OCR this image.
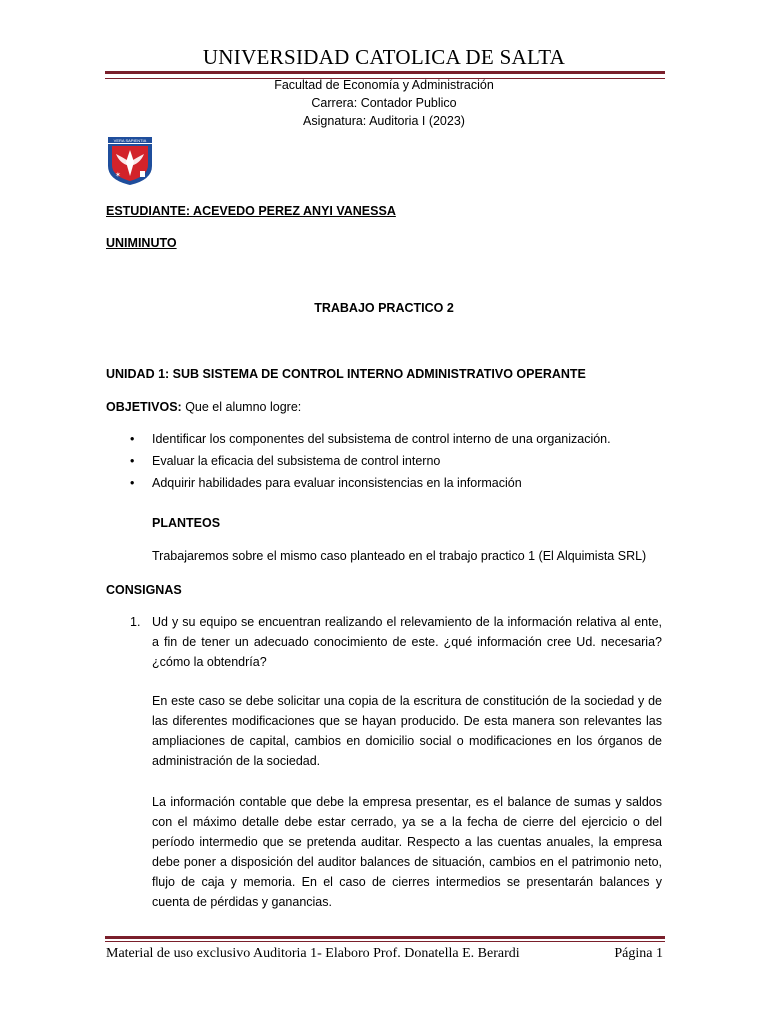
UNIVERSIDAD CATOLICA DE SALTA
Facultad de Economía y Administración
Carrera: Contador Publico
Asignatura: Auditoria I (2023)
VERA SAPIENTIA
✶
ESTUDIANTE: ACEVEDO PEREZ ANYI VANESSA
UNIMINUTO
TRABAJO PRACTICO 2
UNIDAD 1: SUB SISTEMA DE CONTROL INTERNO ADMINISTRATIVO OPERANTE
OBJETIVOS: Que el alumno logre:
• Identificar los componentes del subsistema de control interno de una organización.
• Evaluar la eficacia del subsistema de control interno
• Adquirir habilidades para evaluar inconsistencias en la información
PLANTEOS
Trabajaremos sobre el mismo caso planteado en el trabajo practico 1 (El Alquimista SRL)
CONSIGNAS
1. Ud y su equipo se encuentran realizando el relevamiento de la información relativa al ente, a fin de tener un adecuado conocimiento de este. ¿qué información cree Ud. necesaria? ¿cómo la obtendría?
En este caso se debe solicitar una copia de la escritura de constitución de la sociedad y de las diferentes modificaciones que se hayan producido. De esta manera son relevantes las ampliaciones de capital, cambios en domicilio social o modificaciones en los órganos de administración de la sociedad.
La información contable que debe la empresa presentar, es el balance de sumas y saldos con el máximo detalle debe estar cerrado, ya se a la fecha de cierre del ejercicio o del período intermedio que se pretenda auditar. Respecto a las cuentas anuales, la empresa debe poner a disposición del auditor balances de situación, cambios en el patrimonio neto, flujo de caja y memoria. En el caso de cierres intermedios se presentarán balances y cuenta de pérdidas y ganancias.
Material de uso exclusivo Auditoria 1- Elaboro Prof. Donatella E. Berardi	Página 1
